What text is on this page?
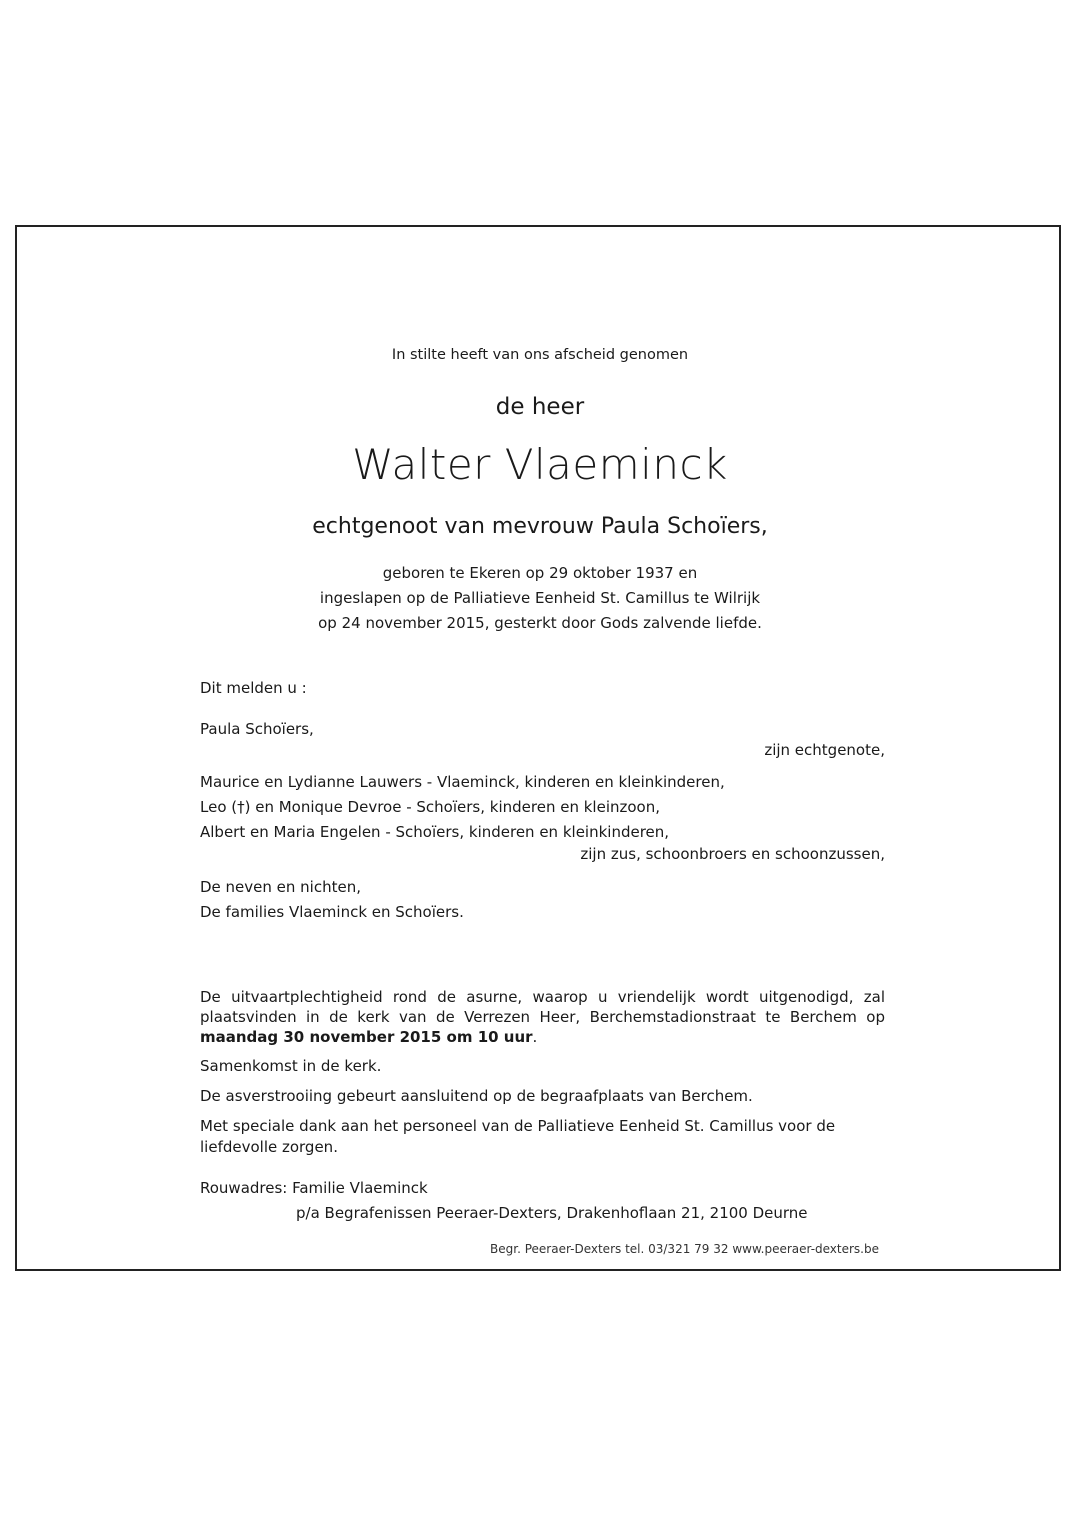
In stilte heeft van ons afscheid genomen
de heer
Walter Vlaeminck
echtgenoot van mevrouw Paula Schoïers,
geboren te Ekeren op 29 oktober 1937 en
ingeslapen op de Palliatieve Eenheid St. Camillus te Wilrijk
op 24 november 2015, gesterkt door Gods zalvende liefde.
Dit melden u :
Paula Schoïers,
zijn echtgenote,
Maurice en Lydianne Lauwers - Vlaeminck, kinderen en kleinkinderen,
Leo (†) en Monique Devroe - Schoïers, kinderen en kleinzoon,
Albert en Maria Engelen - Schoïers, kinderen en kleinkinderen,
zijn zus, schoonbroers en schoonzussen,
De neven en nichten,
De families Vlaeminck en Schoïers.
De uitvaartplechtigheid rond de asurne, waarop u vriendelijk wordt uitgenodigd, zal plaatsvinden in de kerk van de Verrezen Heer, Berchemstadionstraat te Berchem op maandag 30 november 2015 om 10 uur.
Samenkomst in de kerk.
De asverstrooiing gebeurt aansluitend op de begraafplaats van Berchem.
Met speciale dank aan het personeel van de Palliatieve Eenheid St. Camillus voor de liefdevolle zorgen.
Rouwadres: Familie Vlaeminck
p/a Begrafenissen Peeraer-Dexters, Drakenhoflaan 21, 2100 Deurne
Begr. Peeraer-Dexters tel. 03/321 79 32 www.peeraer-dexters.be
